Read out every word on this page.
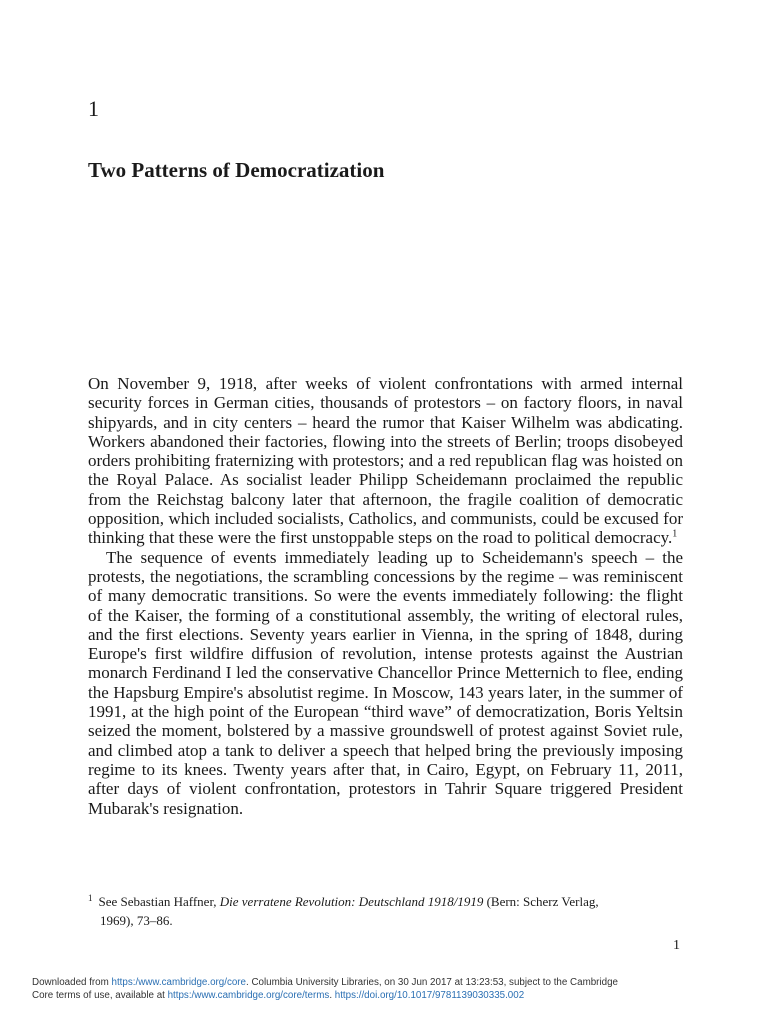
1
Two Patterns of Democratization

On November 9, 1918, after weeks of violent confrontations with armed internal security forces in German cities, thousands of protestors – on factory floors, in naval shipyards, and in city centers – heard the rumor that Kaiser Wilhelm was abdicating. Workers abandoned their factories, flowing into the streets of Berlin; troops disobeyed orders prohibiting fraternizing with protestors; and a red republican flag was hoisted on the Royal Palace. As socialist leader Philipp Scheidemann proclaimed the republic from the Reichstag balcony later that afternoon, the fragile coalition of democratic opposition, which included socialists, Catholics, and communists, could be excused for thinking that these were the first unstoppable steps on the road to political democracy.$^1$

The sequence of events immediately leading up to Scheidemann's speech – the protests, the negotiations, the scrambling concessions by the regime – was reminiscent of many democratic transitions. So were the events immediately following: the flight of the Kaiser, the forming of a constitutional assembly, the writing of electoral rules, and the first elections. Seventy years earlier in Vienna, in the spring of 1848, during Europe's first wildfire diffusion of revolution, intense protests against the Austrian monarch Ferdinand I led the conservative Chancellor Prince Metternich to flee, ending the Hapsburg Empire's absolutist regime. In Moscow, 143 years later, in the summer of 1991, at the high point of the European “third wave” of democratization, Boris Yeltsin seized the moment, bolstered by a massive groundswell of protest against Soviet rule, and climbed atop a tank to deliver a speech that helped bring the previously imposing regime to its knees. Twenty years after that, in Cairo, Egypt, on February 11, 2011, after days of violent confrontation, protestors in Tahrir Square triggered President Mubarak's resignation.

$^1$ See Sebastian Haffner, Die verratene Revolution: Deutschland 1918/1919 (Bern: Scherz Verlag,
1969), 73–86.
1
Downloaded from https:/www.cambridge.org/core. Columbia University Libraries, on 30 Jun 2017 at 13:23:53, subject to the Cambridge
Core terms of use, available at https:/www.cambridge.org/core/terms. https://doi.org/10.1017/9781139030335.002
